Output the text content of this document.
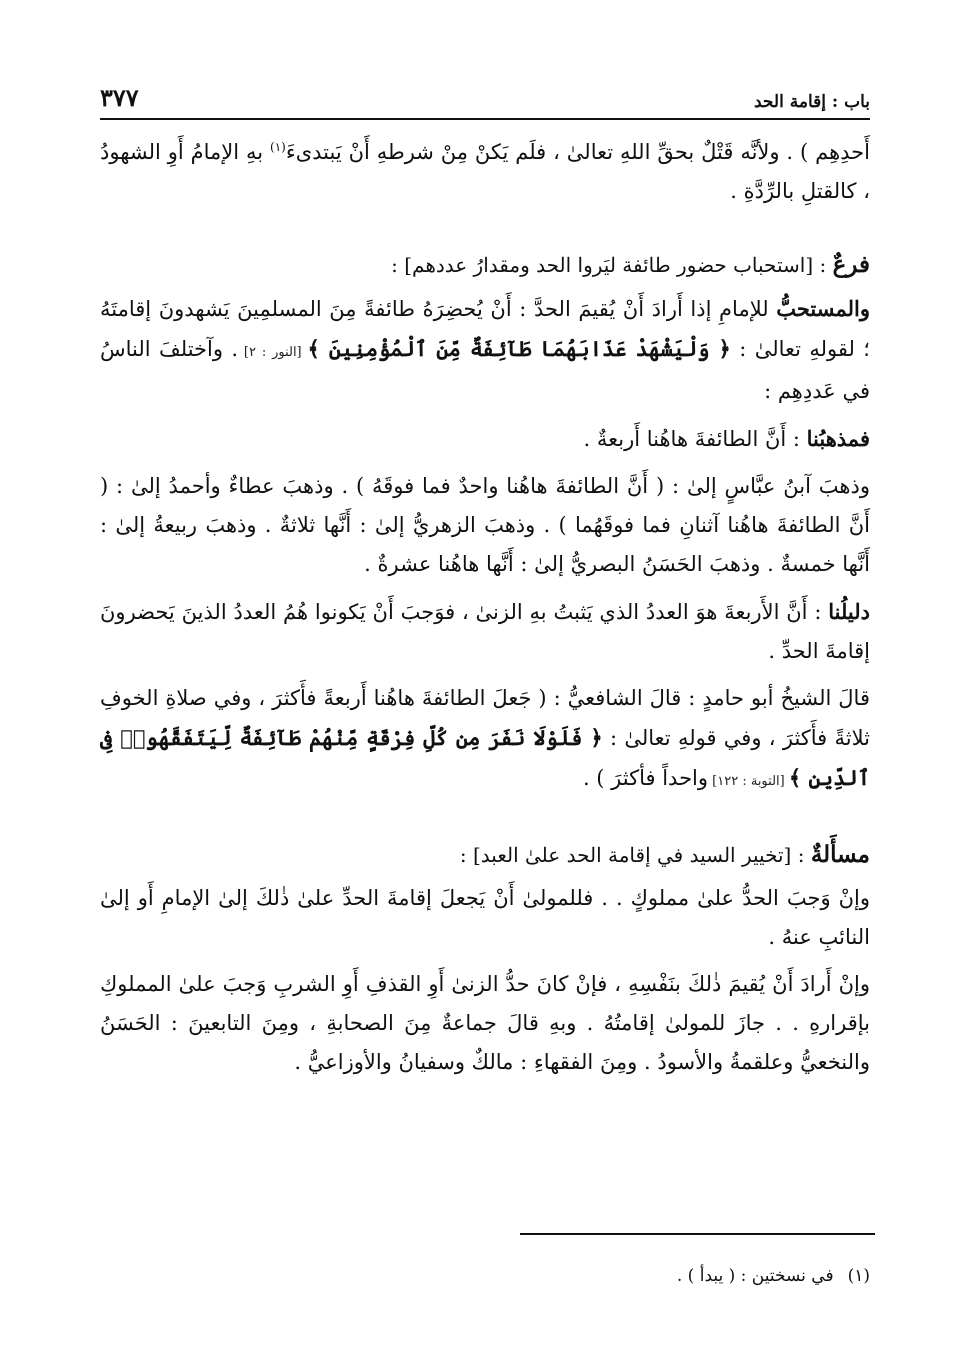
باب : إقامة الحد
٣٧٧

أَحدِهِم ) . ولأنَّه قَتْلٌ بحقِّ اللهِ تعالىٰ ، فلَم يَكنْ مِنْ شرطهِ أَنْ يَبتدىءَ$^{(١)}$ بهِ الإمامُ أَوِ الشهودُ ، كالقتلِ بالرِّدَّةِ .

فرعٌ : [استحباب حضور طائفة ليَروا الحد ومقدارُ عددهم] :

والمستحبُّ للإمامِ إذا أَرادَ أَنْ يُقيمَ الحدَّ : أَنْ يُحضِرَهُ طائفةً مِنَ المسلمِينَ يَشهدونَ إقامتَهُ ؛ لقولهِ تعالىٰ : ﴿ وَلْيَشْهَدْ عَذَابَهُمَا طَآئِفَةٌ مِّنَ ٱلْمُؤْمِنِينَ ﴾ [النور : ٢] . وآختلفَ الناسُ في عَددِهِم :

فمذهبُنا : أَنَّ الطائفةَ هاهُنا أَربعةٌ .

وذهبَ آبنُ عبَّاسٍ إلىٰ : ( أَنَّ الطائفةَ هاهُنا واحدٌ فما فوقَهُ ) . وذهبَ عطاءٌ وأحمدُ إلىٰ : ( أَنَّ الطائفةَ هاهُنا آثنانِ فما فوقَهُما ) . وذهبَ الزهريُّ إلىٰ : أَنَّها ثلاثةٌ . وذهبَ ربيعةُ إلىٰ : أَنَّها خمسةٌ . وذهبَ الحَسَنُ البصريُّ إلىٰ : أَنَّها هاهُنا عشرةٌ .

دليلُنا : أَنَّ الأَربعةَ هوَ العددُ الذي يَثبتُ بهِ الزنىٰ ، فوَجبَ أَنْ يَكونوا هُمُ العددُ الذينَ يَحضرونَ إقامةَ الحدِّ .

قالَ الشيخُ أبو حامدٍ : قالَ الشافعيُّ : ( جَعلَ الطائفةَ هاهُنا أَربعةً فأَكثرَ ، وفي صلاةِ الخوفِ ثلاثةً فأَكثرَ ، وفي قولهِ تعالىٰ : ﴿ فَلَوْلَا نَفَرَ مِن كُلِّ فِرْقَةٍ مِّنْهُمْ طَآئِفَةٌ لِّيَتَفَقَّهُوا۟ فِى ٱلدِّينِ ﴾ [التوبة : ١٢٢] واحداً فأكثرَ ) .

مسأَلةٌ : [تخيير السيد في إقامة الحد علىٰ العبد] :

وإنْ وَجبَ الحدُّ علىٰ مملوكٍ . . فللمولىٰ أَنْ يَجعلَ إقامةَ الحدِّ علىٰ ذٰلكَ إلىٰ الإمامِ أَو إلىٰ النائبِ عنهُ .

وإنْ أَرادَ أَنْ يُقيمَ ذٰلكَ بنَفْسِهِ ، فإنْ كانَ حدُّ الزنىٰ أَوِ القذفِ أَوِ الشربِ وَجبَ علىٰ المملوكِ بإقرارهِ . . جازَ للمولىٰ إقامتُهُ . وبهِ قالَ جماعةٌ مِنَ الصحابةِ ، ومِنَ التابعينَ : الحَسَنُ والنخعيُّ وعلقمةُ والأسودُ . ومِنَ الفقهاءِ : مالكٌ وسفيانُ والأوزاعيُّ .

(١)في نسختين : ( يبدأ ) .
